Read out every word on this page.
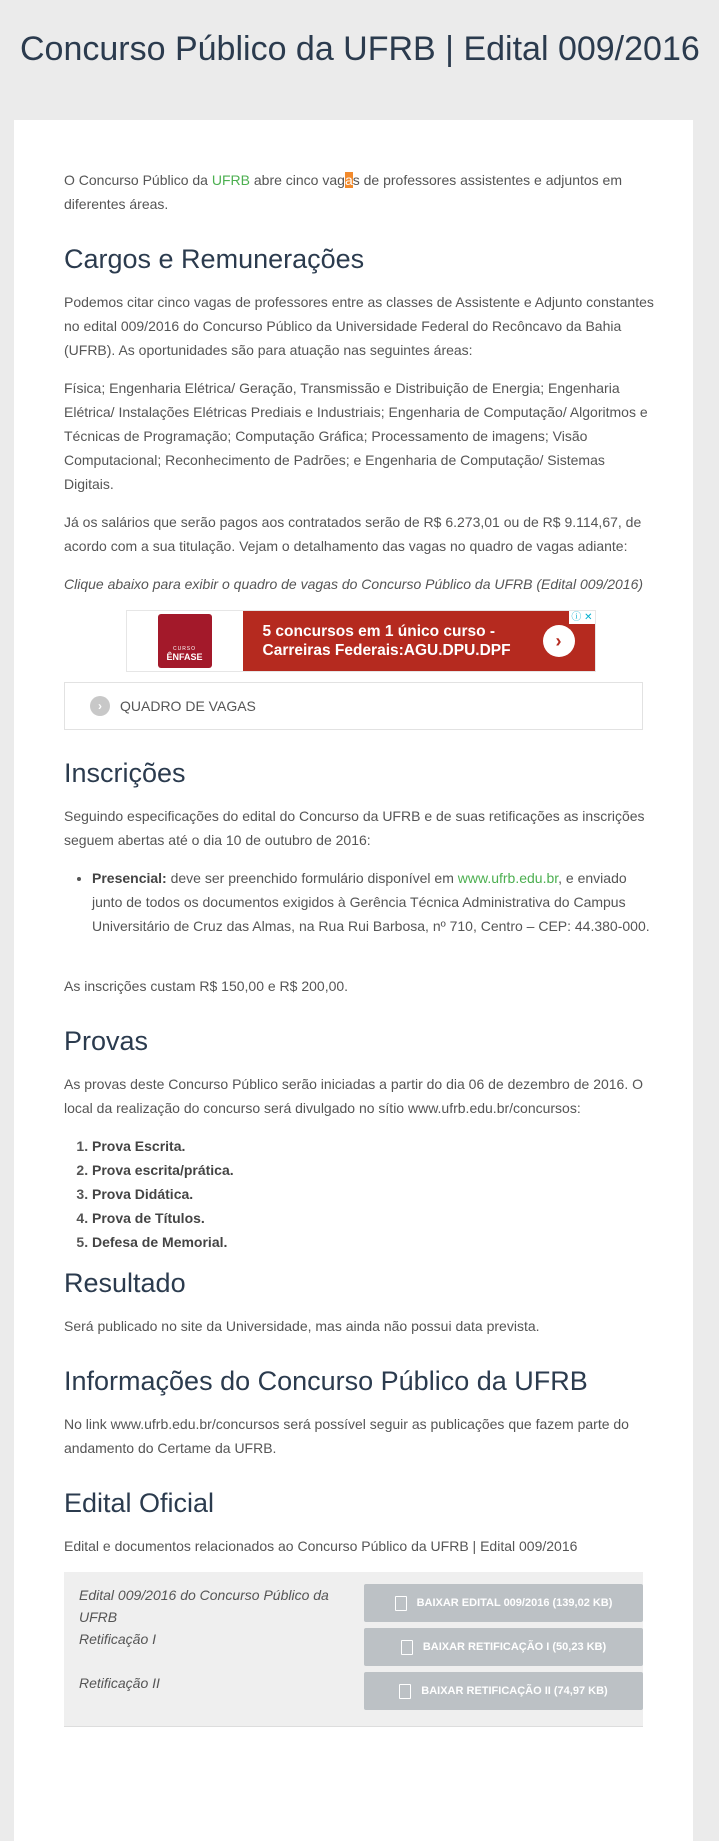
Concurso Público da UFRB | Edital 009/2016

O Concurso Público da UFRB abre cinco vagas de professores assistentes e adjuntos em diferentes áreas.

Cargos e Remunerações

Podemos citar cinco vagas de professores entre as classes de Assistente e Adjunto constantes no edital 009/2016 do Concurso Público da Universidade Federal do Recôncavo da Bahia (UFRB). As oportunidades são para atuação nas seguintes áreas:

Física; Engenharia Elétrica/ Geração, Transmissão e Distribuição de Energia; Engenharia Elétrica/ Instalações Elétricas Prediais e Industriais; Engenharia de Computação/ Algoritmos e Técnicas de Programação; Computação Gráfica; Processamento de imagens; Visão Computacional; Reconhecimento de Padrões; e Engenharia de Computação/ Sistemas Digitais.

Já os salários que serão pagos aos contratados serão de R$ 6.273,01 ou de R$ 9.114,67, de acordo com a sua titulação. Vejam o detalhamento das vagas no quadro de vagas adiante:

Clique abaixo para exibir o quadro de vagas do Concurso Público da UFRB (Edital 009/2016)

CURSO
ÊNFASE
5 concursos em 1 único curso -
Carreiras Federais:AGU.DPU.DPF	›
ⓘ ✕
›	QUADRO DE VAGAS
Inscrições

Seguindo especificações do edital do Concurso da UFRB e de suas retificações as inscrições seguem abertas até o dia 10 de outubro de 2016:

• Presencial: deve ser preenchido formulário disponível em www.ufrb.edu.br, e enviado junto de todos os documentos exigidos à Gerência Técnica Administrativa do Campus Universitário de Cruz das Almas, na Rua Rui Barbosa, nº 710, Centro – CEP: 44.380-000.

As inscrições custam R$ 150,00 e R$ 200,00.

Provas

As provas deste Concurso Público serão iniciadas a partir do dia 06 de dezembro de 2016. O local da realização do concurso será divulgado no sítio www.ufrb.edu.br/concursos:

1. Prova Escrita.
2. Prova escrita/prática.
3. Prova Didática.
4. Prova de Títulos.
5. Defesa de Memorial.
Resultado

Será publicado no site da Universidade, mas ainda não possui data prevista.

Informações do Concurso Público da UFRB

No link www.ufrb.edu.br/concursos será possível seguir as publicações que fazem parte do andamento do Certame da UFRB.

Edital Oficial

Edital e documentos relacionados ao Concurso Público da UFRB | Edital 009/2016

Edital 009/2016 do Concurso Público da UFRB
Retificação I
Retificação II
BAIXAR EDITAL 009/2016 (139,02 KB)
BAIXAR RETIFICAÇÃO I (50,23 KB)
BAIXAR RETIFICAÇÃO II (74,97 KB)
